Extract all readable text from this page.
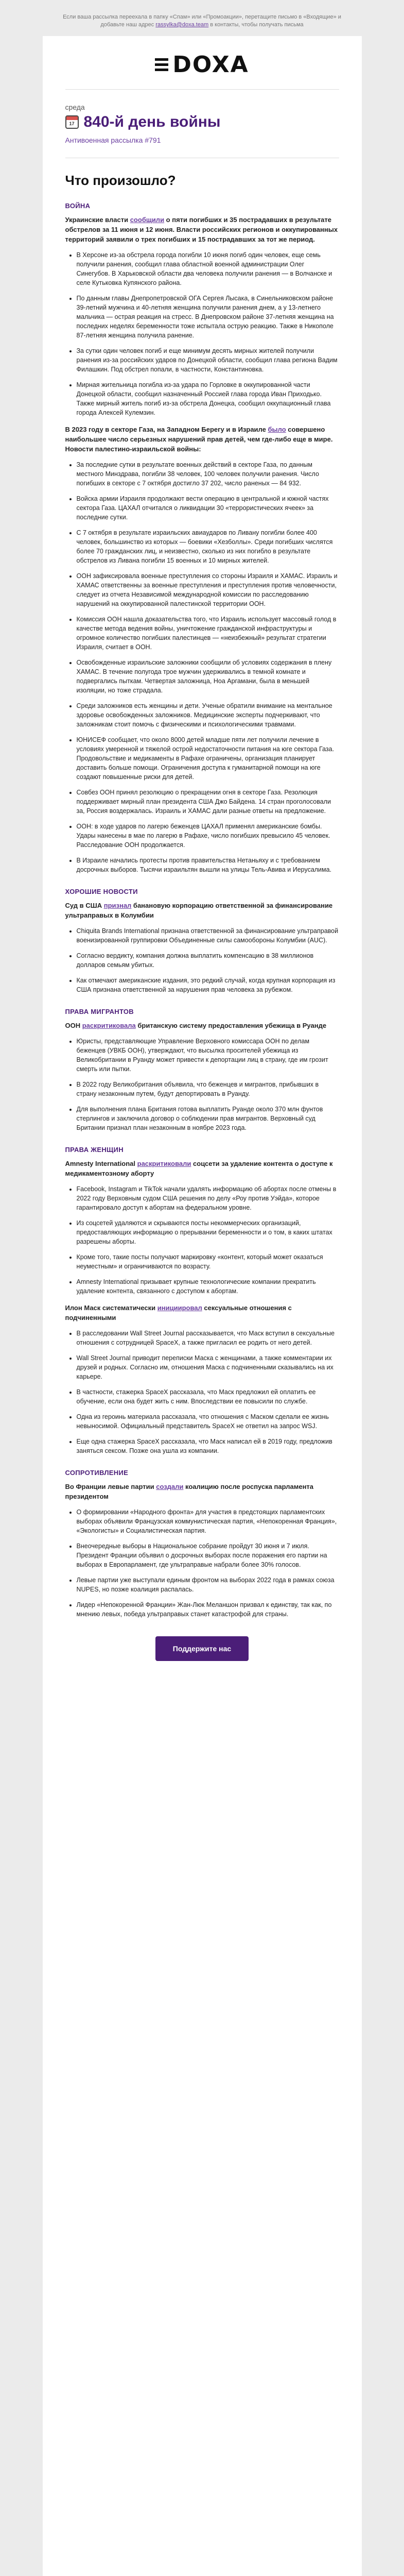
Если ваша рассылка переехала в папку «Спам» или «Промоакции», перетащите письмо в «Входящие» и
добавьте наш адрес rassylka@doxa.team в контакты, чтобы получать письма
DOXA
среда
17 840-й день войны
Антивоенная рассылка #791
Что произошло?
ВОЙНА

Украинские власти сообщили о пяти погибших и 35 пострадавших в результате обстрелов за 11 июня и 12 июня. Власти российских регионов и оккупированных территорий заявили о трех погибших и 15 пострадавших за тот же период.

• В Херсоне из-за обстрела города погибли 10 июня погиб один человек, еще семь получили ранения, сообщил глава областной военной администрации Олег Синегубов. В Харьковской области два человека получили ранения — в Волчанске и селе Кутьковка Купянского района.
• По данным главы Днепропетровской ОГА Сергея Лысака, в Синельниковском районе 39-летний мужчина и 40-летняя женщина получили ранения днем, а у 13-летнего мальчика — острая реакция на стресс. В Днепровском районе 37-летняя женщина на последних неделях беременности тоже испытала острую реакцию. Также в Никополе 87-летняя женщина получила ранение.
• За сутки один человек погиб и еще минимум десять мирных жителей получили ранения из-за российских ударов по Донецкой области, сообщил глава региона Вадим Филашкин. Под обстрел попали, в частности, Константиновка.
• Мирная жительница погибла из-за удара по Горловке в оккупированной части Донецкой области, сообщил назначенный Россией глава города Иван Приходько. Также мирный житель погиб из-за обстрела Донецка, сообщил оккупационный глава города Алексей Кулемзин.

В 2023 году в секторе Газа, на Западном Берегу и в Израиле было совершено наибольшее число серьезных нарушений прав детей, чем где-либо еще в мире. Новости палестино-израильской войны:

• За последние сутки в результате военных действий в секторе Газа, по данным местного Минздрава, погибли 38 человек, 100 человек получили ранения. Число погибших в секторе с 7 октября достигло 37 202, число раненых — 84 932.
• Войска армии Израиля продолжают вести операцию в центральной и южной частях сектора Газа. ЦАХАЛ отчитался о ликвидации 30 «террористических ячеек» за последние сутки.
• С 7 октября в результате израильских авиаударов по Ливану погибли более 400 человек, большинство из которых — боевики «Хезболлы». Среди погибших числятся более 70 гражданских лиц, и неизвестно, сколько из них погибло в результате обстрелов из Ливана погибли 15 военных и 10 мирных жителей.
• ООН зафиксировала военные преступления со стороны Израиля и ХАМАС. Израиль и ХАМАС ответственны за военные преступления и преступления против человечности, следует из отчета Независимой международной комиссии по расследованию нарушений на оккупированной палестинской территории ООН.
• Комиссия ООН нашла доказательства того, что Израиль использует массовый голод в качестве метода ведения войны, уничтожение гражданской инфраструктуры и огромное количество погибших палестинцев — «неизбежный» результат стратегии Израиля, считает в ООН.
• Освобожденные израильские заложники сообщили об условиях содержания в плену ХАМАС. В течение полугода трое мужчин удерживались в темной комнате и подвергались пыткам. Четвертая заложница, Ноа Аргамани, была в меньшей изоляции, но тоже страдала.
• Среди заложников есть женщины и дети. Ученые обратили внимание на ментальное здоровье освобожденных заложников. Медицинские эксперты подчеркивают, что заложникам стоит помочь с физическими и психологическими травмами.
• ЮНИСЕФ сообщает, что около 8000 детей младше пяти лет получили лечение в условиях умеренной и тяжелой острой недостаточности питания на юге сектора Газа. Продовольствие и медикаменты в Рафахе ограничены, организация планирует доставить больше помощи. Ограничения доступа к гуманитарной помощи на юге создают повышенные риски для детей.
• Совбез ООН принял резолюцию о прекращении огня в секторе Газа. Резолюция поддерживает мирный план президента США Джо Байдена. 14 стран проголосовали за, Россия воздержалась. Израиль и ХАМАС дали разные ответы на предложение.
• ООН: в ходе ударов по лагерю беженцев ЦАХАЛ применял американские бомбы. Удары нанесены в мае по лагерю в Рафахе, число погибших превысило 45 человек. Расследование ООН продолжается.
• В Израиле начались протесты против правительства Нетаньяху и с требованием досрочных выборов. Тысячи израильтян вышли на улицы Тель-Авива и Иерусалима.
ХОРОШИЕ НОВОСТИ

Суд в США признал банановую корпорацию ответственной за финансирование ультраправых в Колумбии

• Chiquita Brands International признана ответственной за финансирование ультраправой военизированной группировки Объединенные силы самообороны Колумбии (AUC).
• Согласно вердикту, компания должна выплатить компенсацию в 38 миллионов долларов семьям убитых.
• Как отмечают американские издания, это редкий случай, когда крупная корпорация из США признана ответственной за нарушения прав человека за рубежом.
ПРАВА МИГРАНТОВ

ООН раскритиковала британскую систему предоставления убежища в Руанде

• Юристы, представляющие Управление Верховного комиссара ООН по делам беженцев (УВКБ ООН), утверждают, что высылка просителей убежища из Великобритании в Руанду может привести к депортации лиц в страну, где им грозит смерть или пытки.
• В 2022 году Великобритания объявила, что беженцев и мигрантов, прибывших в страну незаконным путем, будут депортировать в Руанду.
• Для выполнения плана Британия готова выплатить Руанде около 370 млн фунтов стерлингов и заключила договор о соблюдении прав мигрантов. Верховный суд Британии признал план незаконным в ноябре 2023 года.
ПРАВА ЖЕНЩИН

Amnesty International раскритиковали соцсети за удаление контента о доступе к медикаментозному аборту

• Facebook, Instagram и TikTok начали удалять информацию об абортах после отмены в 2022 году Верховным судом США решения по делу «Роу против Уэйда», которое гарантировало доступ к абортам на федеральном уровне.
• Из соцсетей удаляются и скрываются посты некоммерческих организаций, предоставляющих информацию о прерывании беременности и о том, в каких штатах разрешены аборты.
• Кроме того, такие посты получают маркировку «контент, который может оказаться неуместным» и ограничиваются по возрасту.
• Amnesty International призывает крупные технологические компании прекратить удаление контента, связанного с доступом к абортам.

Илон Маск систематически инициировал сексуальные отношения с подчиненными

• В расследовании Wall Street Journal рассказывается, что Маск вступил в сексуальные отношения с сотрудницей SpaceX, а также пригласил ее родить от него детей.
• Wall Street Journal приводит переписки Маска с женщинами, а также комментарии их друзей и родных. Согласно им, отношения Маска с подчиненными сказывались на их карьере.
• В частности, стажерка SpaceX рассказала, что Маск предложил ей оплатить ее обучение, если она будет жить с ним. Впоследствии ее повысили по службе.
• Одна из героинь материала рассказала, что отношения с Маском сделали ее жизнь невыносимой. Официальный представитель SpaceX не ответил на запрос WSJ.
• Еще одна стажерка SpaceX рассказала, что Маск написал ей в 2019 году, предложив заняться сексом. Позже она ушла из компании.
СОПРОТИВЛЕНИЕ

Во Франции левые партии создали коалицию после роспуска парламента президентом

• О формировании «Народного фронта» для участия в предстоящих парламентских выборах объявили Французская коммунистическая партия, «Непокоренная Франция», «Экологисты» и Социалистическая партия.
• Внеочередные выборы в Национальное собрание пройдут 30 июня и 7 июля. Президент Франции объявил о досрочных выборах после поражения его партии на выборах в Европарламент, где ультраправые набрали более 30% голосов.
• Левые партии уже выступали единым фронтом на выборах 2022 года в рамках союза NUPES, но позже коалиция распалась.
• Лидер «Непокоренной Франции» Жан-Люк Меланшон призвал к единству, так как, по мнению левых, победа ультраправых станет катастрофой для страны.
Поддержите нас
